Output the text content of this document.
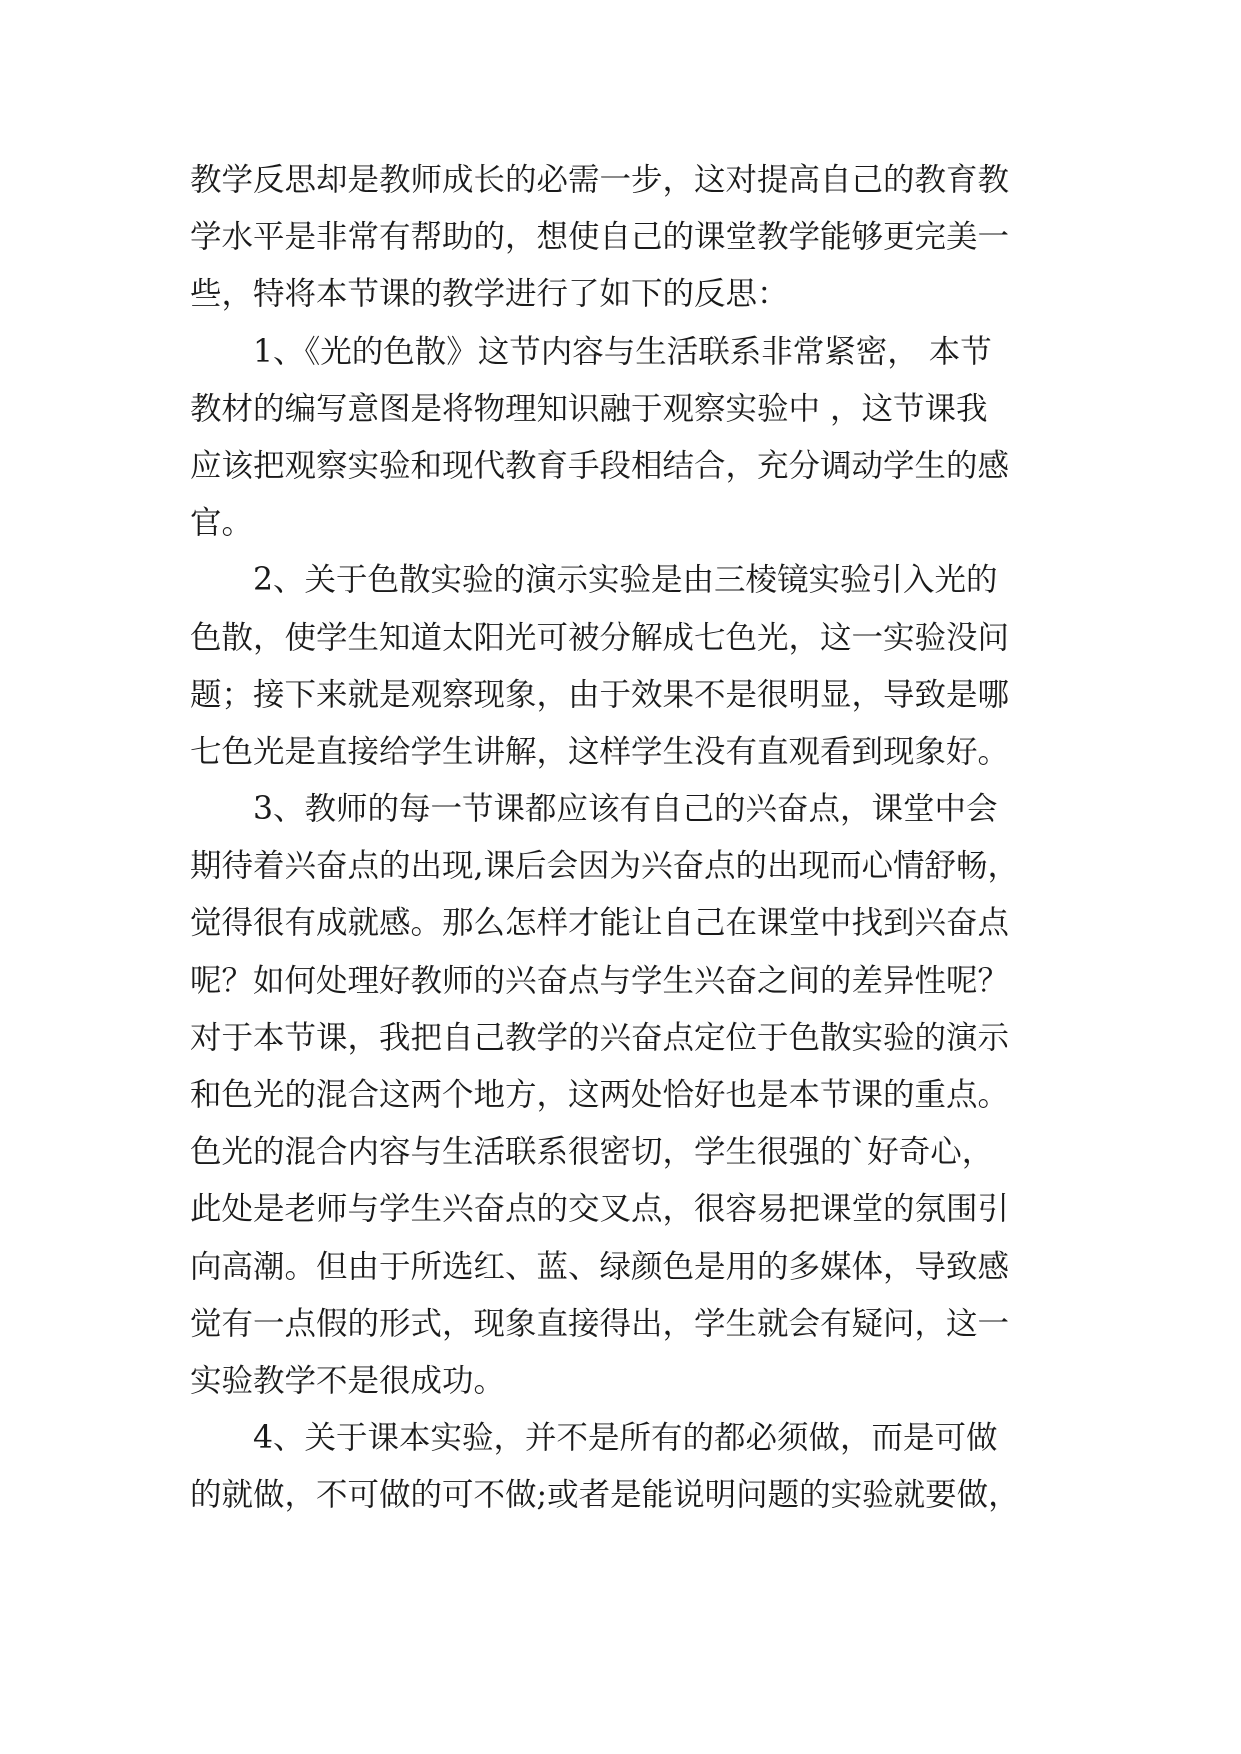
教学反思却是教师成长的必需一步，这对提高自己的教育教
学水平是非常有帮助的，想使自己的课堂教学能够更完美一
些，特将本节课的教学进行了如下的反思：

1、《光的色散》这节内容与生活联系非常紧密， 本节
教材的编写意图是将物理知识融于观察实验中 ，这节课我
应该把观察实验和现代教育手段相结合，充分调动学生的感
官。

2、关于色散实验的演示实验是由三棱镜实验引入光的
色散，使学生知道太阳光可被分解成七色光，这一实验没问
题；接下来就是观察现象，由于效果不是很明显，导致是哪
七色光是直接给学生讲解，这样学生没有直观看到现象好。

3、教师的每一节课都应该有自己的兴奋点，课堂中会
期待着兴奋点的出现,课后会因为兴奋点的出现而心情舒畅，
觉得很有成就感。那么怎样才能让自己在课堂中找到兴奋点
呢？如何处理好教师的兴奋点与学生兴奋之间的差异性呢？
对于本节课，我把自己教学的兴奋点定位于色散实验的演示
和色光的混合这两个地方，这两处恰好也是本节课的重点。
色光的混合内容与生活联系很密切，学生很强的`好奇心，
此处是老师与学生兴奋点的交叉点，很容易把课堂的氛围引
向高潮。但由于所选红、蓝、绿颜色是用的多媒体，导致感
觉有一点假的形式，现象直接得出，学生就会有疑问，这一
实验教学不是很成功。

4、关于课本实验，并不是所有的都必须做，而是可做
的就做，不可做的可不做;或者是能说明问题的实验就要做，
